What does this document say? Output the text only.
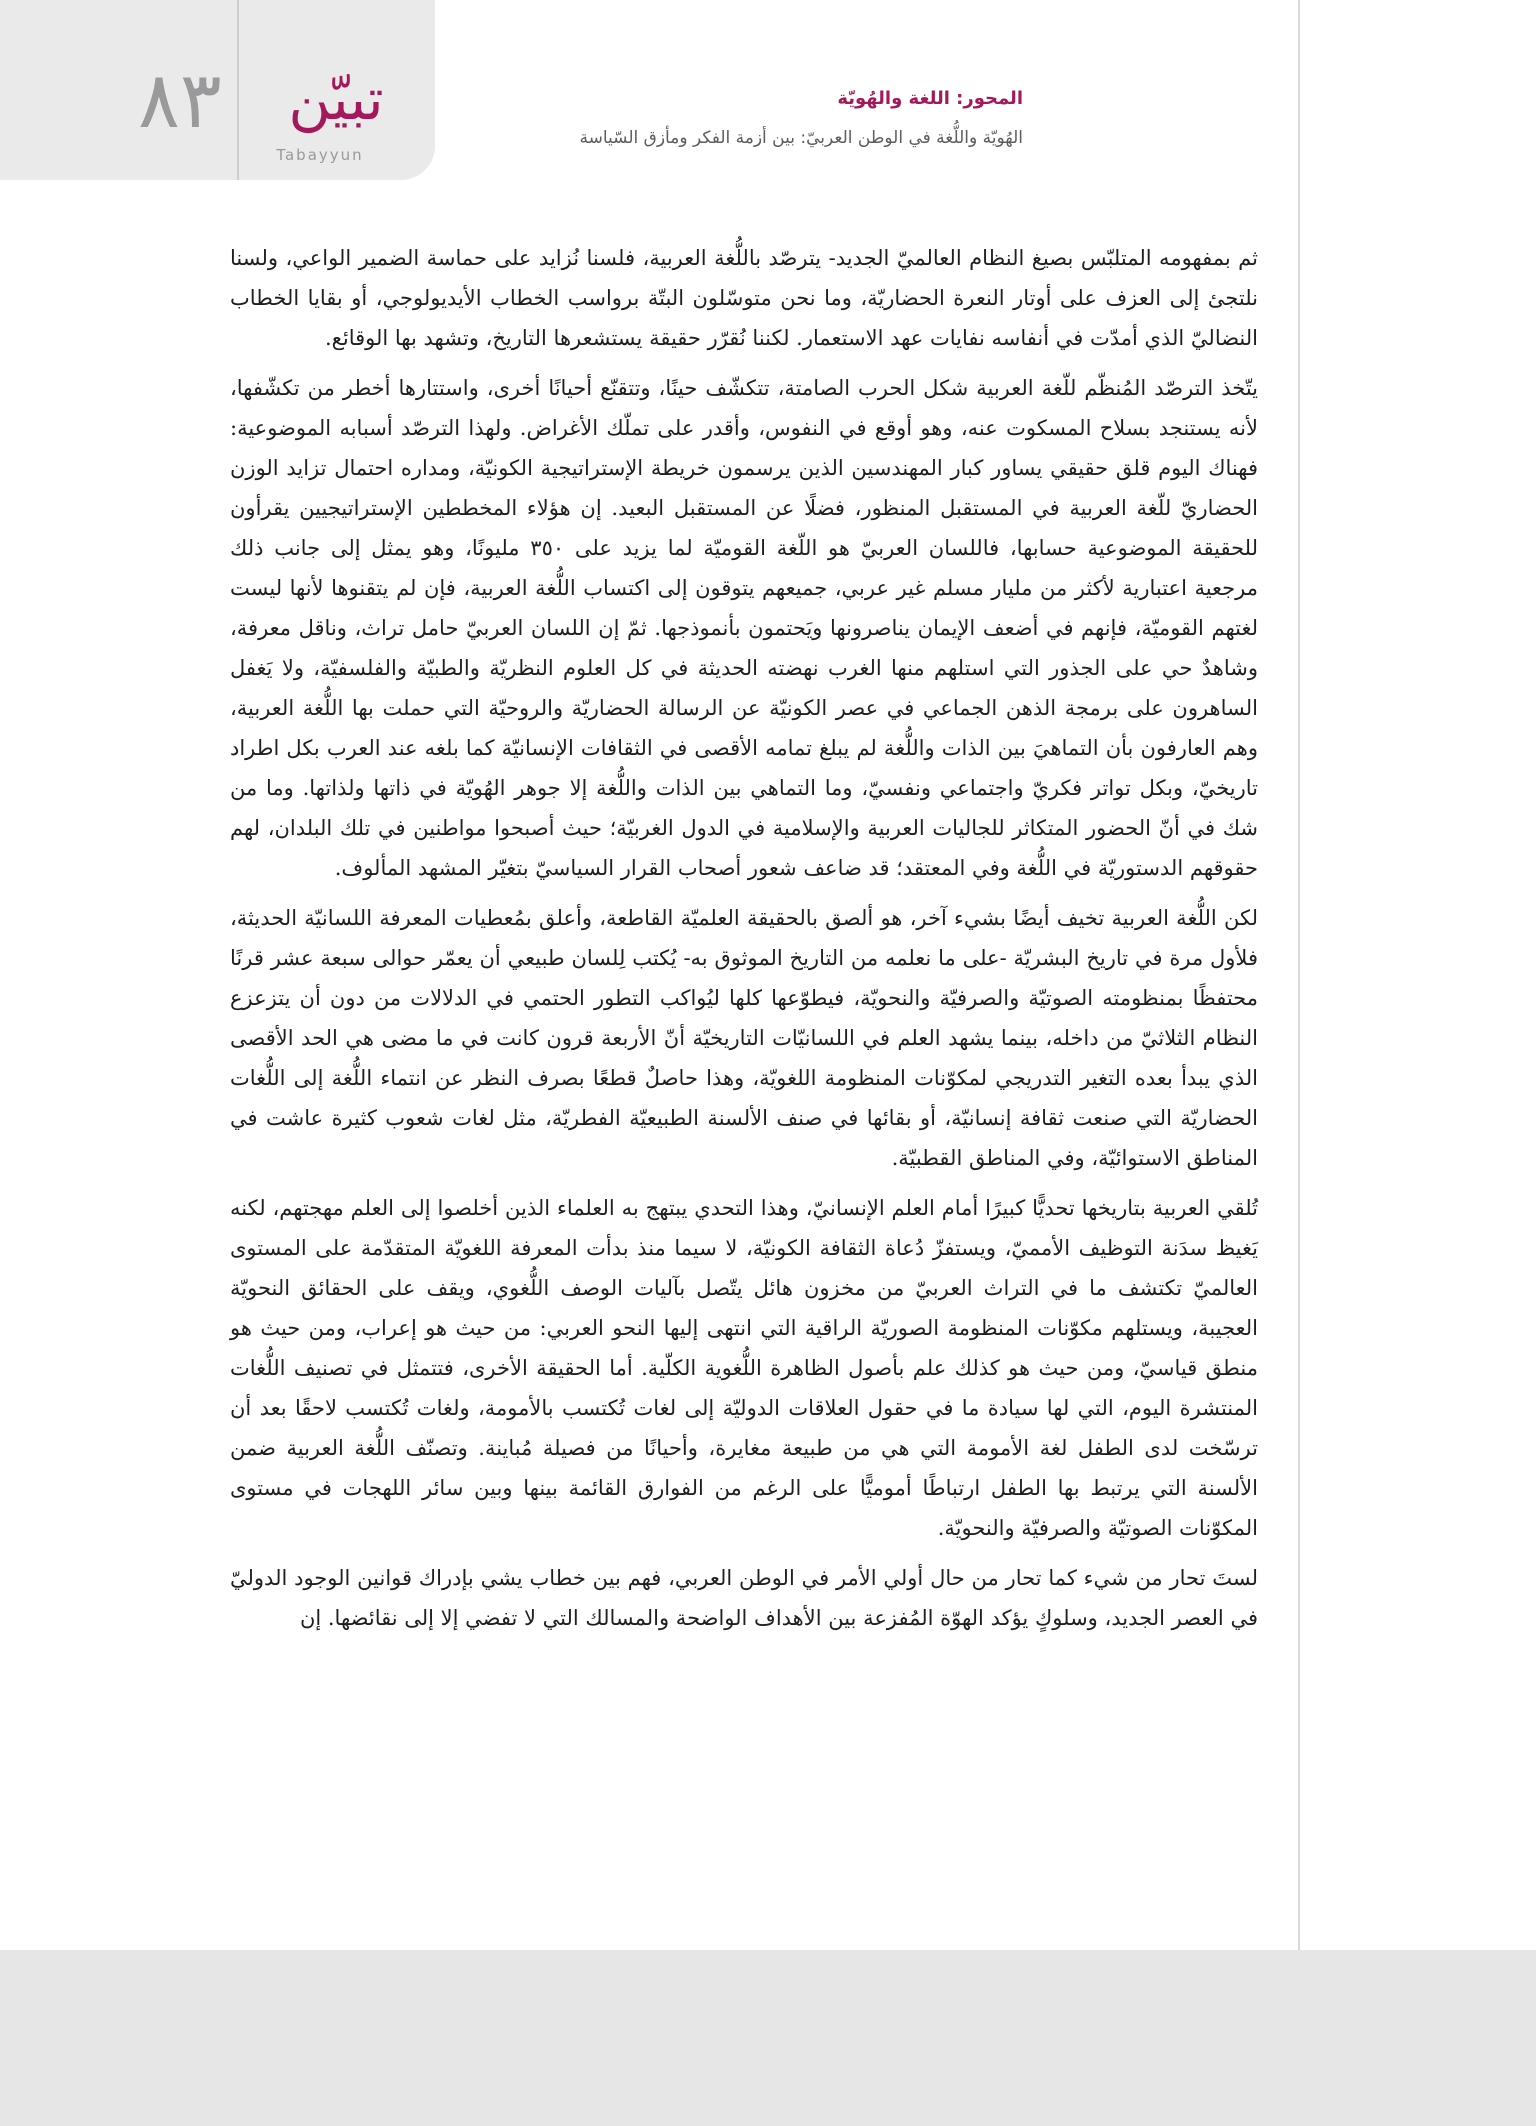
٨٣	تبيّن
Tabayyun
المحور: اللغة والهُويّة
الهُويّة واللُّغة في الوطن العربيّ: بين أزمة الفكر ومأزق السّياسة

ثم بمفهومه المتلبّس بصيغ النظام العالميّ الجديد- يترصّد باللُّغة العربية، فلسنا نُزايد على حماسة الضمير الواعي، ولسنا نلتجئ إلى العزف على أوتار النعرة الحضاريّة، وما نحن متوسّلون البتّة برواسب الخطاب الأيديولوجي، أو بقايا الخطاب النضاليّ الذي أمدّت في أنفاسه نفايات عهد الاستعمار. لكننا نُقرّر حقيقة يستشعرها التاريخ، وتشهد بها الوقائع.

يتّخذ الترصّد المُنظّم للّغة العربية شكل الحرب الصامتة، تتكشّف حينًا، وتتقنّع أحيانًا أخرى، واستتارها أخطر من تكشّفها، لأنه يستنجد بسلاح المسكوت عنه، وهو أوقع في النفوس، وأقدر على تملّك الأغراض. ولهذا الترصّد أسبابه الموضوعية: فهناك اليوم قلق حقيقي يساور كبار المهندسين الذين يرسمون خريطة الإستراتيجية الكونيّة، ومداره احتمال تزايد الوزن الحضاريّ للّغة العربية في المستقبل المنظور، فضلًا عن المستقبل البعيد. إن هؤلاء المخططين الإستراتيجيين يقرأون للحقيقة الموضوعية حسابها، فاللسان العربيّ هو اللّغة القوميّة لما يزيد على ٣٥٠ مليونًا، وهو يمثل إلى جانب ذلك مرجعية اعتبارية لأكثر من مليار مسلم غير عربي، جميعهم يتوقون إلى اكتساب اللُّغة العربية، فإن لم يتقنوها لأنها ليست لغتهم القوميّة، فإنهم في أضعف الإيمان يناصرونها ويَحتمون بأنموذجها. ثمّ إن اللسان العربيّ حامل تراث، وناقل معرفة، وشاهدٌ حي على الجذور التي استلهم منها الغرب نهضته الحديثة في كل العلوم النظريّة والطبيّة والفلسفيّة، ولا يَغفل الساهرون على برمجة الذهن الجماعي في عصر الكونيّة عن الرسالة الحضاريّة والروحيّة التي حملت بها اللُّغة العربية، وهم العارفون بأن التماهيَ بين الذات واللُّغة لم يبلغ تمامه الأقصى في الثقافات الإنسانيّة كما بلغه عند العرب بكل اطراد تاريخيّ، وبكل تواتر فكريّ واجتماعي ونفسيّ، وما التماهي بين الذات واللُّغة إلا جوهر الهُويّة في ذاتها ولذاتها. وما من شك في أنّ الحضور المتكاثر للجاليات العربية والإسلامية في الدول الغربيّة؛ حيث أصبحوا مواطنين في تلك البلدان، لهم حقوقهم الدستوريّة في اللُّغة وفي المعتقد؛ قد ضاعف شعور أصحاب القرار السياسيّ بتغيّر المشهد المألوف.

لكن اللُّغة العربية تخيف أيضًا بشيء آخر، هو ألصق بالحقيقة العلميّة القاطعة، وأعلق بمُعطيات المعرفة اللسانيّة الحديثة، فلأول مرة في تاريخ البشريّة -على ما نعلمه من التاريخ الموثوق به- يُكتب لِلسان طبيعي أن يعمّر حوالى سبعة عشر قرنًا محتفظًا بمنظومته الصوتيّة والصرفيّة والنحويّة، فيطوّعها كلها ليُواكب التطور الحتمي في الدلالات من دون أن يتزعزع النظام الثلاثيّ من داخله، بينما يشهد العلم في اللسانيّات التاريخيّة أنّ الأربعة قرون كانت في ما مضى هي الحد الأقصى الذي يبدأ بعده التغير التدريجي لمكوّنات المنظومة اللغويّة، وهذا حاصلٌ قطعًا بصرف النظر عن انتماء اللُّغة إلى اللُّغات الحضاريّة التي صنعت ثقافة إنسانيّة، أو بقائها في صنف الألسنة الطبيعيّة الفطريّة، مثل لغات شعوب كثيرة عاشت في المناطق الاستوائيّة، وفي المناطق القطبيّة.

تُلقي العربية بتاريخها تحديًّا كبيرًا أمام العلم الإنسانيّ، وهذا التحدي يبتهج به العلماء الذين أخلصوا إلى العلم مهجتهم، لكنه يَغيظ سدَنة التوظيف الأمميّ، ويستفزّ دُعاة الثقافة الكونيّة، لا سيما منذ بدأت المعرفة اللغويّة المتقدّمة على المستوى العالميّ تكتشف ما في التراث العربيّ من مخزون هائل يتّصل بآليات الوصف اللُّغوي، ويقف على الحقائق النحويّة العجيبة، ويستلهم مكوّنات المنظومة الصوريّة الراقية التي انتهى إليها النحو العربي: من حيث هو إعراب، ومن حيث هو منطق قياسيّ، ومن حيث هو كذلك علم بأصول الظاهرة اللُّغوية الكلّية. أما الحقيقة الأخرى، فتتمثل في تصنيف اللُّغات المنتشرة اليوم، التي لها سيادة ما في حقول العلاقات الدوليّة إلى لغات تُكتسب بالأمومة، ولغات تُكتسب لاحقًا بعد أن ترسّخت لدى الطفل لغة الأمومة التي هي من طبيعة مغايرة، وأحيانًا من فصيلة مُباينة. وتصنّف اللُّغة العربية ضمن الألسنة التي يرتبط بها الطفل ارتباطًا أموميًّا على الرغم من الفوارق القائمة بينها وبين سائر اللهجات في مستوى المكوّنات الصوتيّة والصرفيّة والنحويّة.

لستَ تحار من شيء كما تحار من حال أولي الأمر في الوطن العربي، فهم بين خطاب يشي بإدراك قوانين الوجود الدوليّ في العصر الجديد، وسلوكٍ يؤكد الهوّة المُفزعة بين الأهداف الواضحة والمسالك التي لا تفضي إلا إلى نقائضها. إن
